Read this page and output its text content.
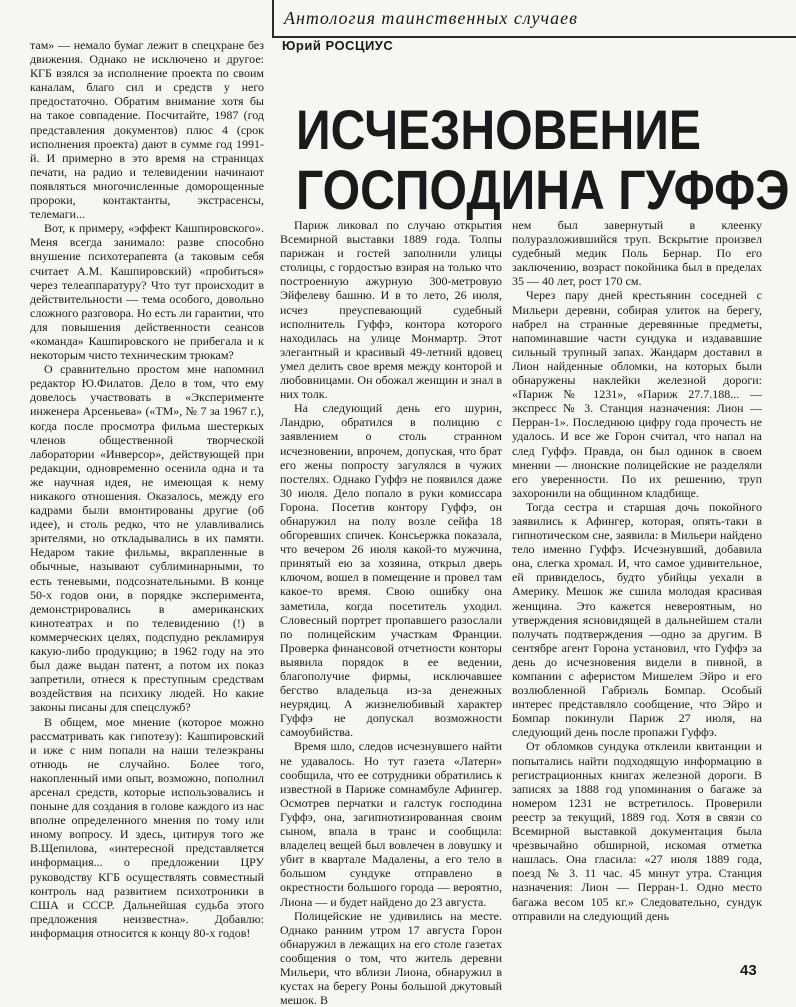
Антология таинственных случаев
Юрий РОСЦИУС
ИСЧЕЗНОВЕНИЕ
ГОСПОДИНА ГУФФЭ

там» — немало бумаг лежит в спецхране без движения. Однако не исключено и другое: КГБ взялся за исполнение проекта по своим каналам, благо сил и средств у него предостаточно. Обратим внимание хотя бы на такое совпадение. Посчитайте, 1987 (год представления документов) плюс 4 (срок исполнения проекта) дают в сумме год 1991-й. И примерно в это время на страницах печати, на радио и телевидении начинают появляться многочисленные доморощенные пророки, контактанты, экстрасенсы, телемаги...

Вот, к примеру, «эффект Кашпировского». Меня всегда занимало: разве способно внушение психотерапевта (а таковым себя считает А.М. Кашпировский) «пробиться» через телеаппаратуру? Что тут происходит в действительности — тема особого, довольно сложного разговора. Но есть ли гарантии, что для повышения действенности сеансов «команда» Кашпировского не прибегала и к некоторым чисто техническим трюкам?

О сравнительно простом мне напомнил редактор Ю.Филатов. Дело в том, что ему довелось участвовать в «Эксперименте инженера Арсеньева» («ТМ», № 7 за 1967 г.), когда после просмотра фильма шестеркых членов общественной творческой лаборатории «Инверсор», действующей при редакции, одновременно осенила одна и та же научная идея, не имеющая к нему никакого отношения. Оказалось, между его кадрами были вмонтированы другие (об идее), и столь редко, что не улавливались зрителями, но откладывались в их памяти. Недаром такие фильмы, вкрапленные в обычные, называют сублиминарными, то есть теневыми, подсознательными. В конце 50-х годов они, в порядке эксперимента, демонстрировались в американских кинотеатрах и по телевидению (!) в коммерческих целях, подспудно рекламируя какую-либо продукцию; в 1962 году на это был даже выдан патент, а потом их показ запретили, отнеся к преступным средствам воздействия на психику людей. Но какие законы писаны для спецслужб?

В общем, мое мнение (которое можно рассматривать как гипотезу): Кашпировский и иже с ним попали на наши телеэкраны отнюдь не случайно. Более того, накопленный ими опыт, возможно, пополнил арсенал средств, которые использовались и поныне для создания в голове каждого из нас вполне определенного мнения по тому или иному вопросу. И здесь, цитируя того же В.Щепилова, «интересной представляется информация... о предложении ЦРУ руководству КГБ осуществлять совместный контроль над развитием психотроники в США и СССР. Дальнейшая судьба этого предложения неизвестна». Добавлю: информация относится к концу 80-х годов!

Париж ликовал по случаю открытия Всемирной выставки 1889 года. Толпы парижан и гостей заполнили улицы столицы, с гордостью взирая на только что построенную ажурную 300-метровую Эйфелеву башню. И в то лето, 26 июля, исчез преуспевающий судебный исполнитель Гуффэ, контора которого находилась на улице Монмартр. Этот элегантный и красивый 49-летний вдовец умел делить свое время между конторой и любовницами. Он обожал женщин и знал в них толк.

На следующий день его шурин, Ландрю, обратился в полицию с заявлением о столь странном исчезновении, впрочем, допуская, что брат его жены попросту загулялся в чужих постелях. Однако Гуффэ не появился даже 30 июля. Дело попало в руки комиссара Горона. Посетив контору Гуффэ, он обнаружил на полу возле сейфа 18 обгоревших спичек. Консьержка показала, что вечером 26 июля какой-то мужчина, принятый ею за хозяина, открыл дверь ключом, вошел в помещение и провел там какое-то время. Свою ошибку она заметила, когда посетитель уходил. Словесный портрет пропавшего разослали по полицейским участкам Франции. Проверка финансовой отчетности конторы выявила порядок в ее ведении, благополучие фирмы, исключавшее бегство владельца из-за денежных неурядиц. А жизнелюбивый характер Гуффэ не допускал возможности самоубийства.

Время шло, следов исчезнувшего найти не удавалось. Но тут газета «Латерн» сообщила, что ее сотрудники обратились к известной в Париже сомнамбуле Афингер. Осмотрев перчатки и галстук господина Гуффэ, она, загипнотизированная своим сыном, впала в транс и сообщила: владелец вещей был вовлечен в ловушку и убит в квартале Мадалены, а его тело в большом сундуке отправлено в окрестности большого города — вероятно, Лиона — и будет найдено до 23 августа.

Полицейские не удивились на месте. Однако ранним утром 17 августа Горон обнаружил в лежащих на его столе газетах сообщения о том, что житель деревни Мильери, что вблизи Лиона, обнаружил в кустах на берегу Роны большой джутовый мешок. В

нем был завернутый в клеенку полуразложившийся труп. Вскрытие произвел судебный медик Поль Бернар. По его заключению, возраст покойника был в пределах 35 — 40 лет, рост 170 см.

Через пару дней крестьянин соседней с Мильери деревни, собирая улиток на берегу, набрел на странные деревянные предметы, напоминавшие части сундука и издававшие сильный трупный запах. Жандарм доставил в Лион найденные обломки, на которых были обнаружены наклейки железной дороги: «Париж № 1231», «Париж 27.7.188... — экспресс № 3. Станция назначения: Лион — Перран-1». Последнюю цифру года прочесть не удалось. И все же Горон считал, что напал на след Гуффэ. Правда, он был одинок в своем мнении — лионские полицейские не разделяли его уверенности. По их решению, труп захоронили на общинном кладбище.

Тогда сестра и старшая дочь покойного заявились к Афингер, которая, опять-таки в гипнотическом сне, заявила: в Мильери найдено тело именно Гуффэ. Исчезнувший, добавила она, слегка хромал. И, что самое удивительное, ей привиделось, будто убийцы уехали в Америку. Мешок же сшила молодая красивая женщина. Это кажется невероятным, но утверждения ясновидящей в дальнейшем стали получать подтверждения —одно за другим. В сентябре агент Горона установил, что Гуффэ за день до исчезновения видели в пивной, в компании с аферистом Мишелем Эйро и его возлюбленной Габриэль Бомпар. Особый интерес представляло сообщение, что Эйро и Бомпар покинули Париж 27 июля, на следующий день после пропажи Гуффэ.

От обломков сундука отклеили квитанции и попытались найти подходящую информацию в регистрационных книгах железной дороги. В записях за 1888 год упоминания о багаже за номером 1231 не встретилось. Проверили реестр за текущий, 1889 год. Хотя в связи со Всемирной выставкой документация была чрезвычайно обширной, искомая отметка нашлась. Она гласила: «27 июля 1889 года, поезд № 3. 11 час. 45 минут утра. Станция назначения: Лион — Перран-1. Одно место багажа весом 105 кг.» Следовательно, сундук отправили на следующий день

43
